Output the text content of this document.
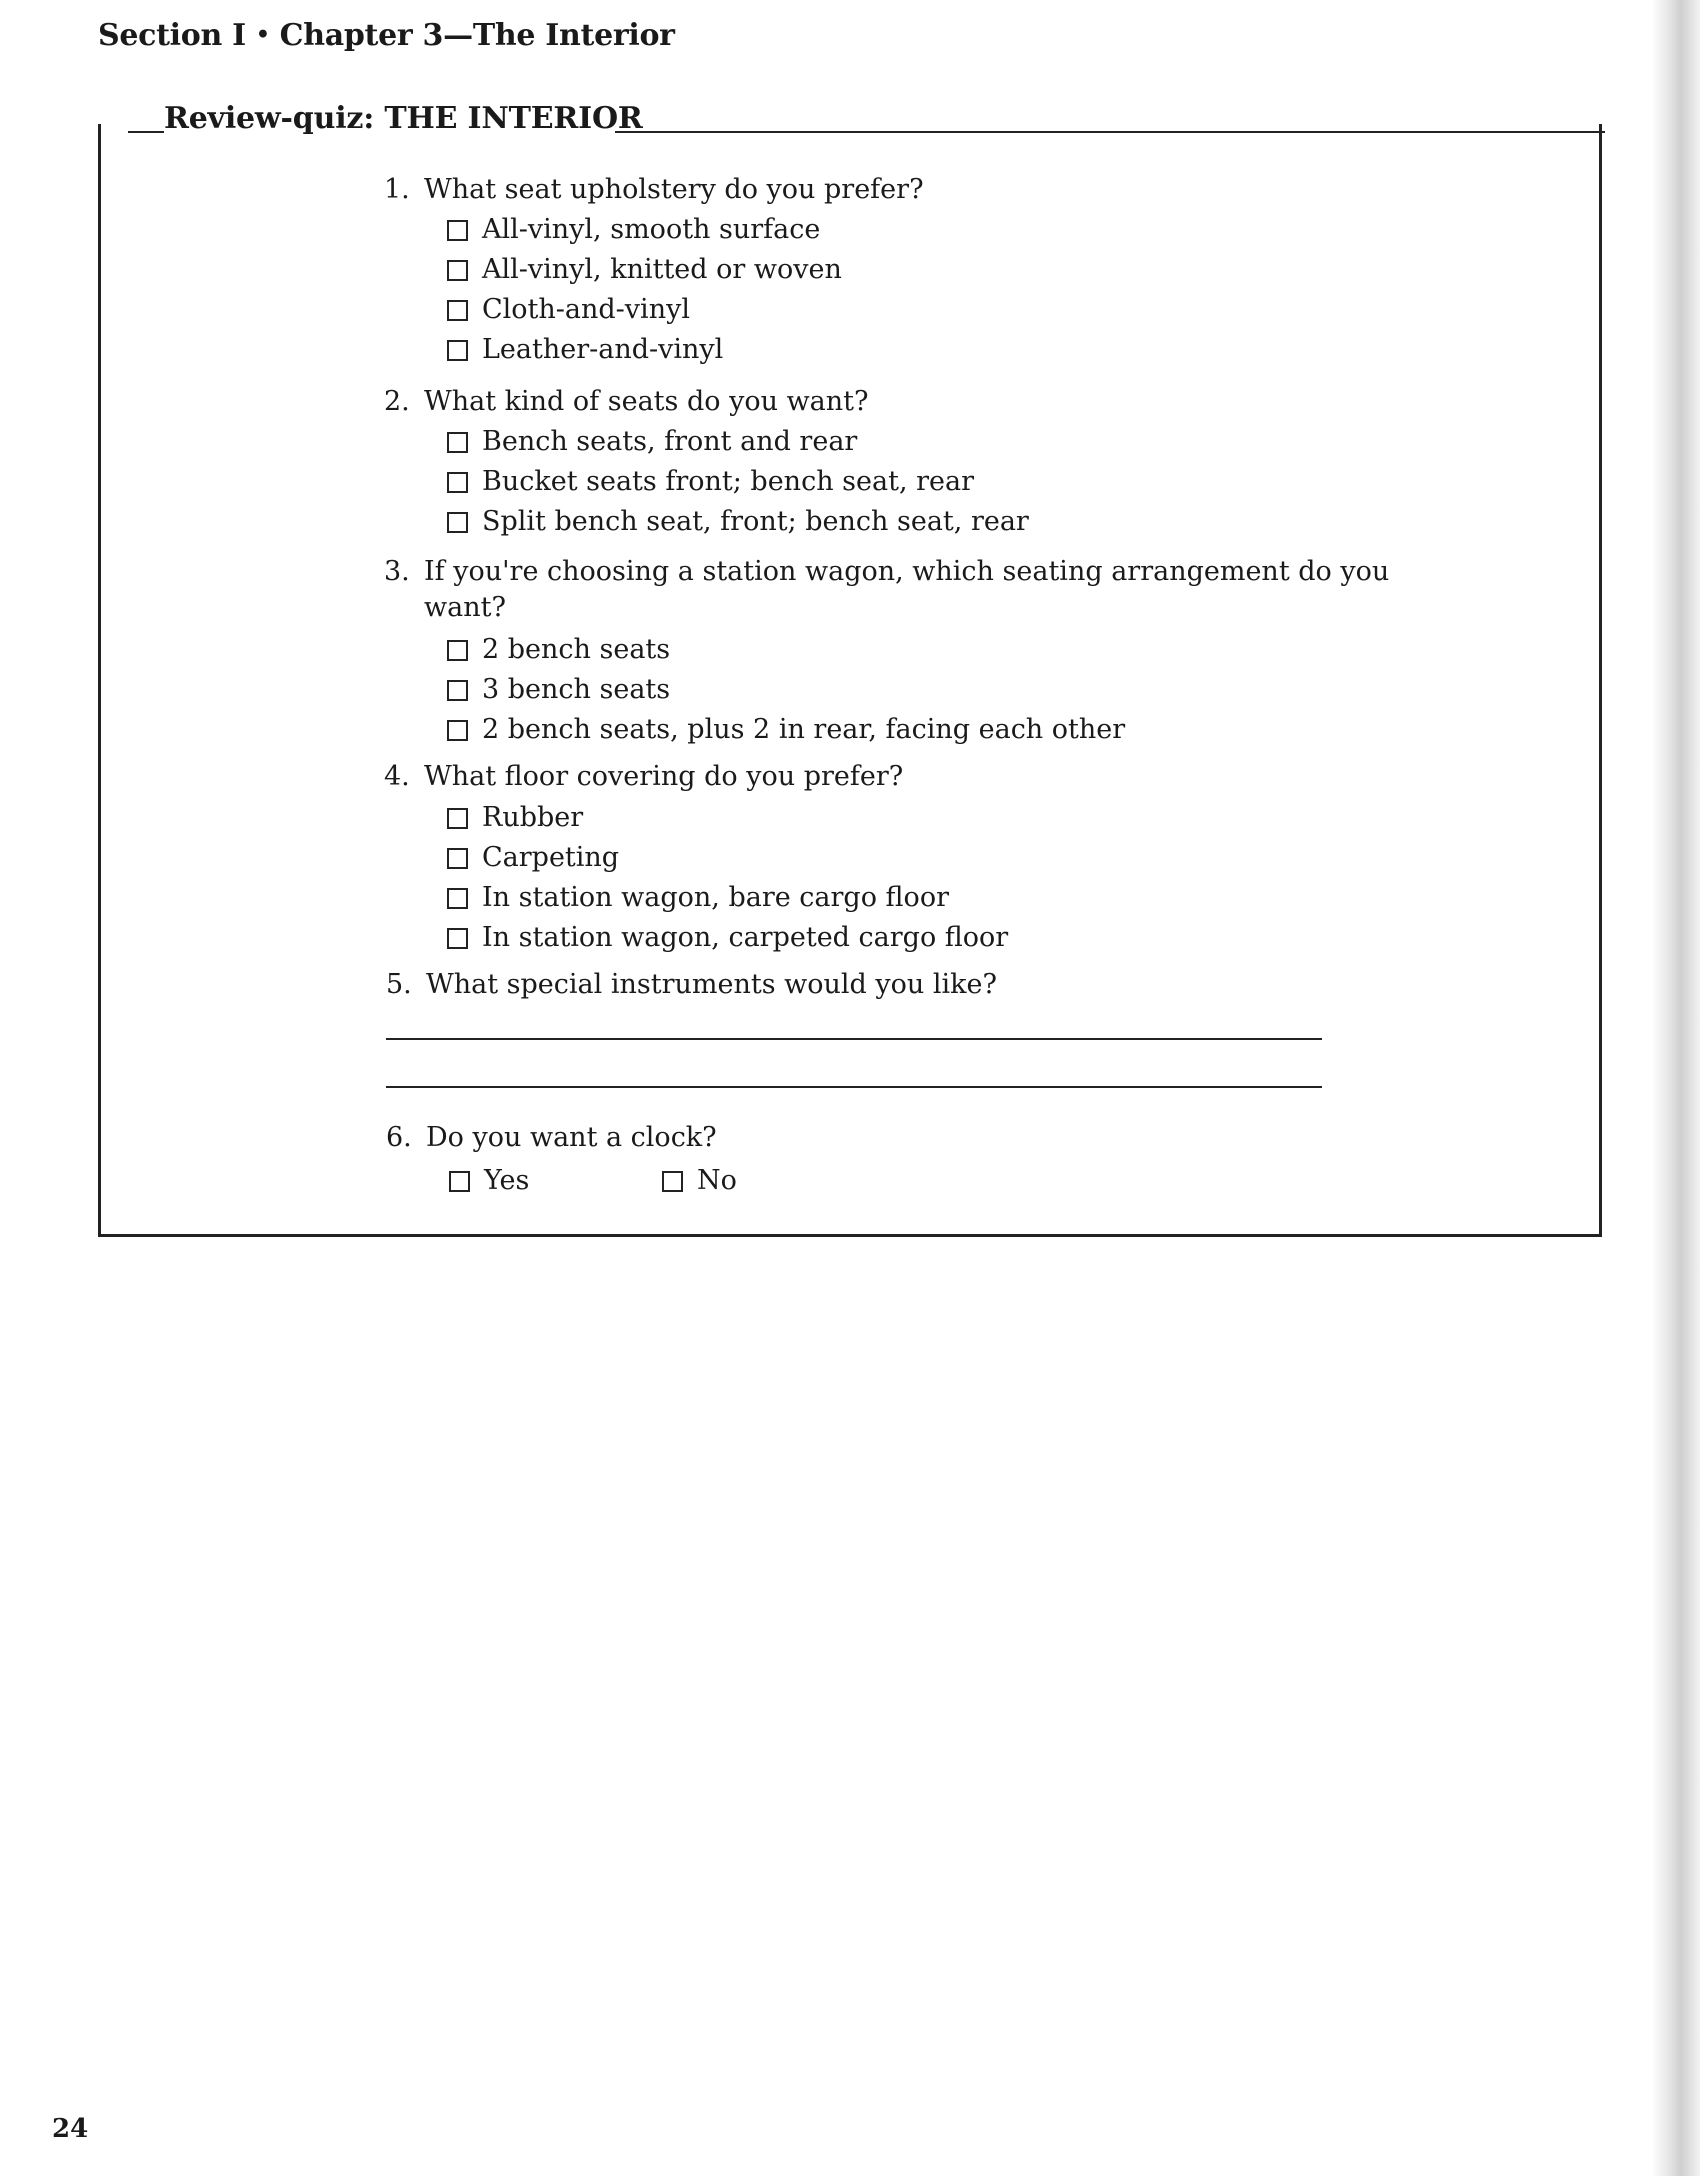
Section I • Chapter 3—The Interior
Review-quiz: THE INTERIOR
1. What seat upholstery do you prefer?
All-vinyl, smooth surface
All-vinyl, knitted or woven
Cloth-and-vinyl
Leather-and-vinyl
2. What kind of seats do you want?
Bench seats, front and rear
Bucket seats front; bench seat, rear
Split bench seat, front; bench seat, rear
3. If you're choosing a station wagon, which seating arrangement do you
want?
2 bench seats
3 bench seats
2 bench seats, plus 2 in rear, facing each other
4. What floor covering do you prefer?
Rubber
Carpeting
In station wagon, bare cargo floor
In station wagon, carpeted cargo floor
5. What special instruments would you like?
6. Do you want a clock?
Yes	No
24
